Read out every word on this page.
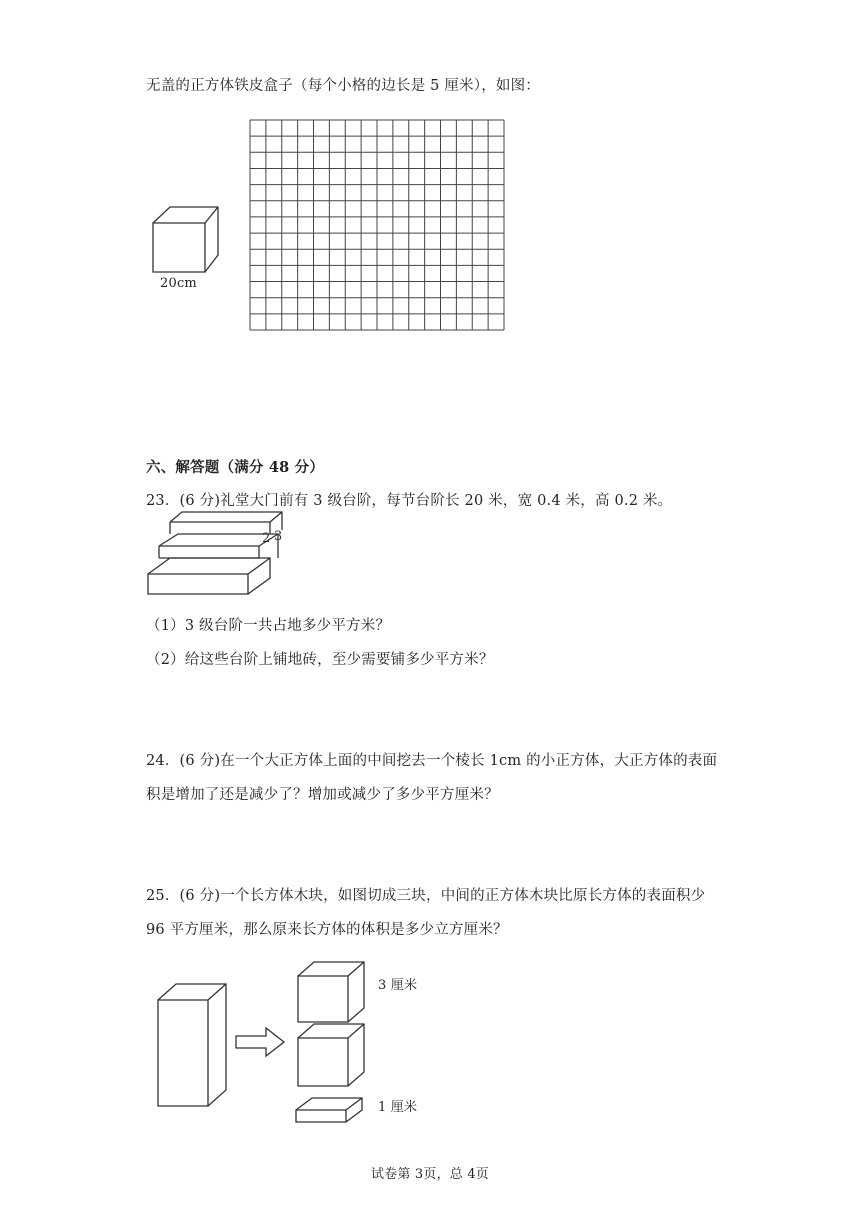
无盖的正方体铁皮盒子（每个小格的边长是 5 厘米），如图：
20cm
六、解答题（满分 48 分）
23．(6 分)礼堂大门前有 3 级台阶，每节台阶长 20 米，宽 0.4 米，高 0.2 米。
2 3
（1）3 级台阶一共占地多少平方米？
（2）给这些台阶上铺地砖，至少需要铺多少平方米？
24．(6 分)在一个大正方体上面的中间挖去一个棱长 1cm 的小正方体，大正方体的表面
积是增加了还是减少了？增加或减少了多少平方厘米？
25．(6 分)一个长方体木块，如图切成三块，中间的正方体木块比原长方体的表面积少
96 平方厘米，那么原来长方体的体积是多少立方厘米？
3 厘米
1 厘米
试卷第 3页，总 4页
